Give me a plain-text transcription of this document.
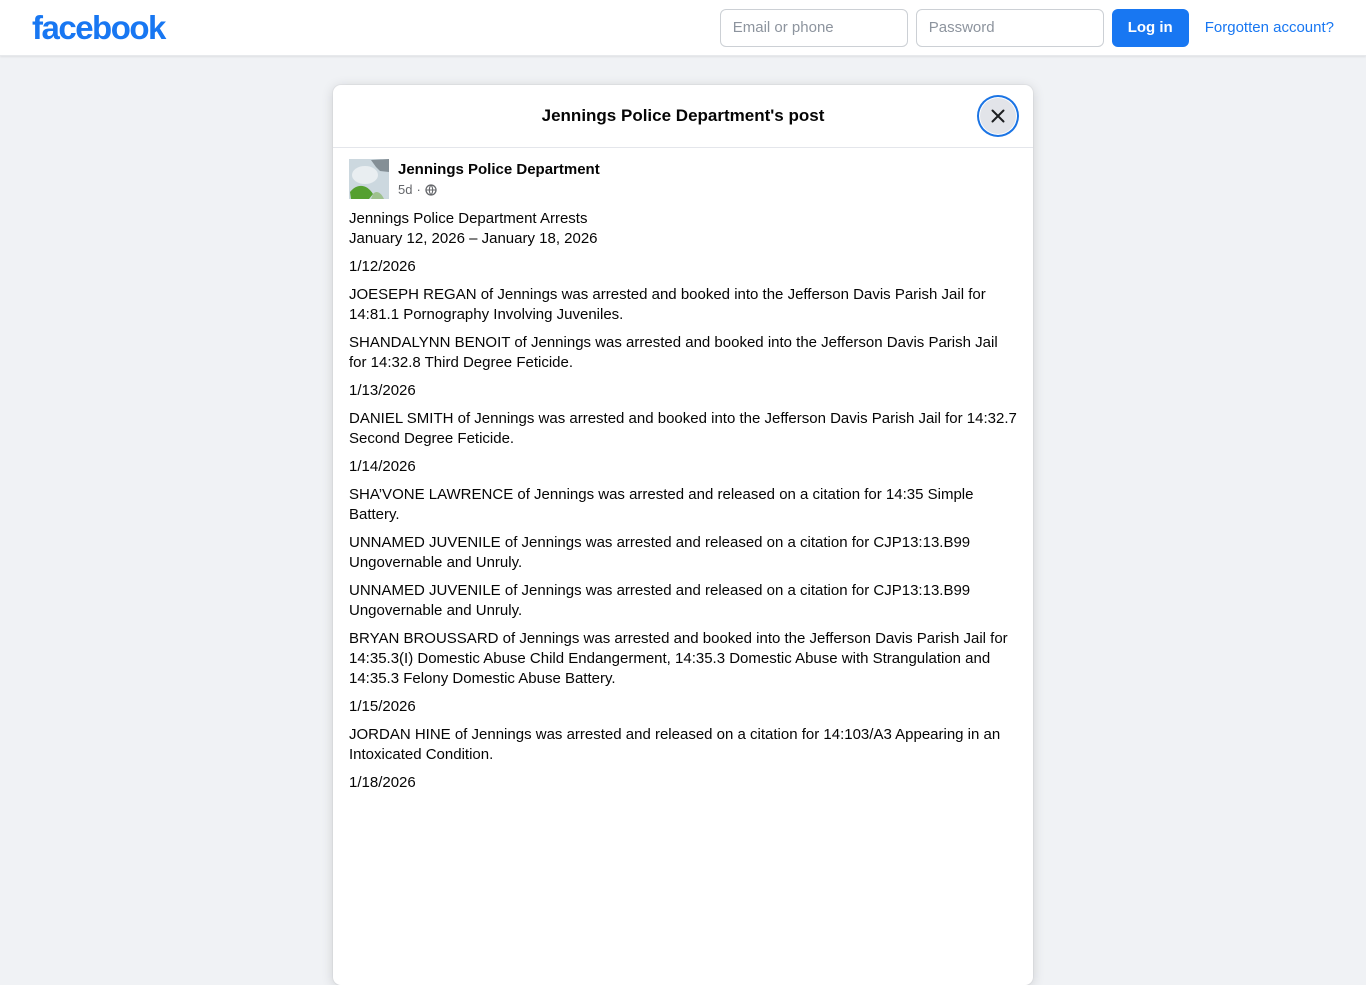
facebook
Email or phone	Log in	Forgotten account?
Jennings Police Department's post
Jennings Police Department
5d ·

Jennings Police Department Arrests
January 12, 2026 – January 18, 2026

1/12/2026

JOESEPH REGAN of Jennings was arrested and booked into the Jefferson Davis Parish Jail for 14:81.1 Pornography Involving Juveniles.

SHANDALYNN BENOIT of Jennings was arrested and booked into the Jefferson Davis Parish Jail for 14:32.8 Third Degree Feticide.

1/13/2026

DANIEL SMITH of Jennings was arrested and booked into the Jefferson Davis Parish Jail for 14:32.7 Second Degree Feticide.

1/14/2026

SHA’VONE LAWRENCE of Jennings was arrested and released on a citation for 14:35 Simple Battery.

UNNAMED JUVENILE of Jennings was arrested and released on a citation for CJP13:13.B99 Ungovernable and Unruly.

UNNAMED JUVENILE of Jennings was arrested and released on a citation for CJP13:13.B99 Ungovernable and Unruly.

BRYAN BROUSSARD of Jennings was arrested and booked into the Jefferson Davis Parish Jail for 14:35.3(I) Domestic Abuse Child Endangerment, 14:35.3 Domestic Abuse with Strangulation and 14:35.3 Felony Domestic Abuse Battery.

1/15/2026

JORDAN HINE of Jennings was arrested and released on a citation for 14:103/A3 Appearing in an Intoxicated Condition.

1/18/2026
